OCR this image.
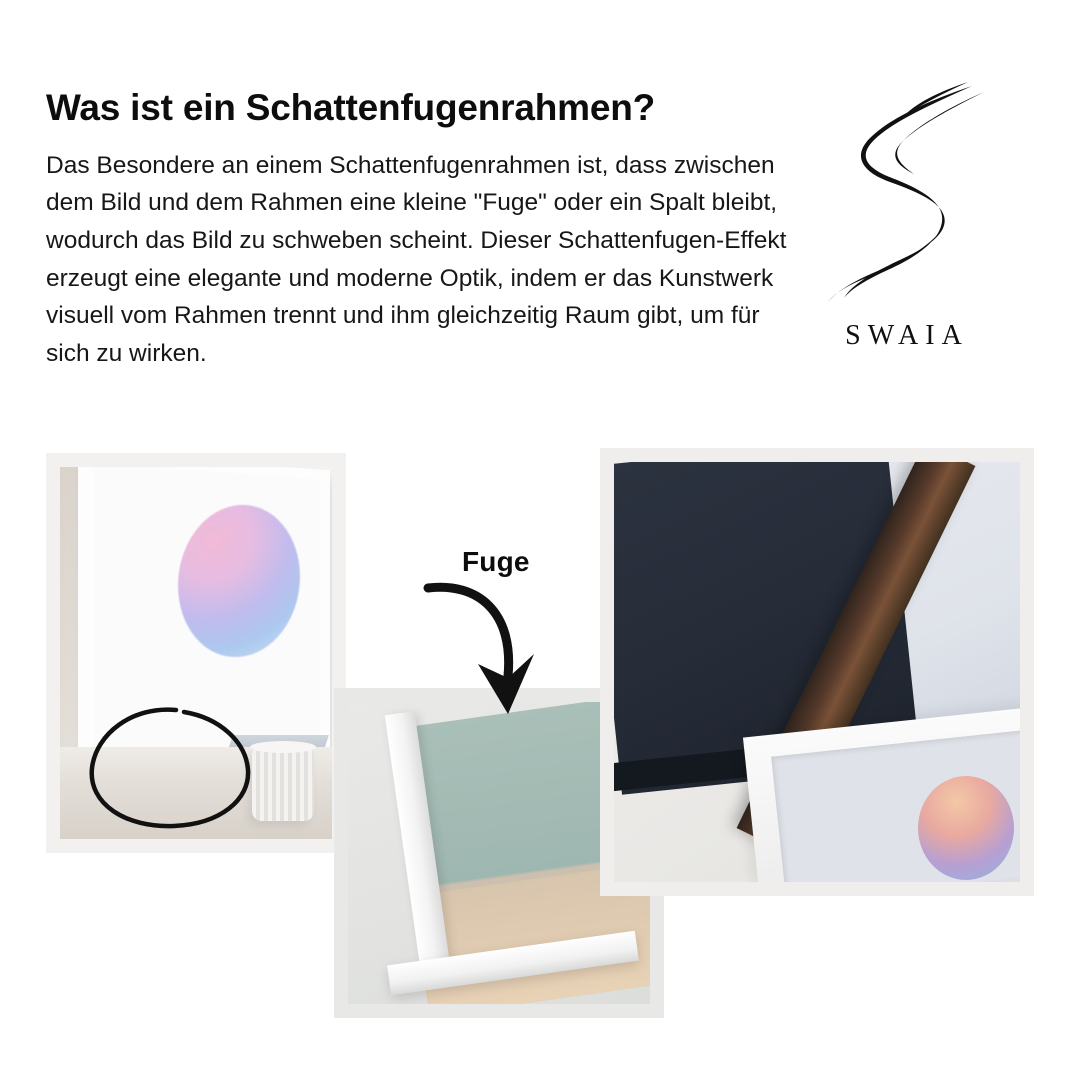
Was ist ein Schattenfugenrahmen?

Das Besondere an einem Schattenfugenrahmen ist, dass zwischen dem Bild und dem Rahmen eine kleine "Fuge" oder ein Spalt bleibt, wodurch das Bild zu schweben scheint. Dieser Schattenfugen-Effekt erzeugt eine elegante und moderne Optik, indem er das Kunstwerk visuell vom Rahmen trennt und ihm gleichzeitig Raum gibt, um für sich zu wirken.

SWAIA
Fuge
